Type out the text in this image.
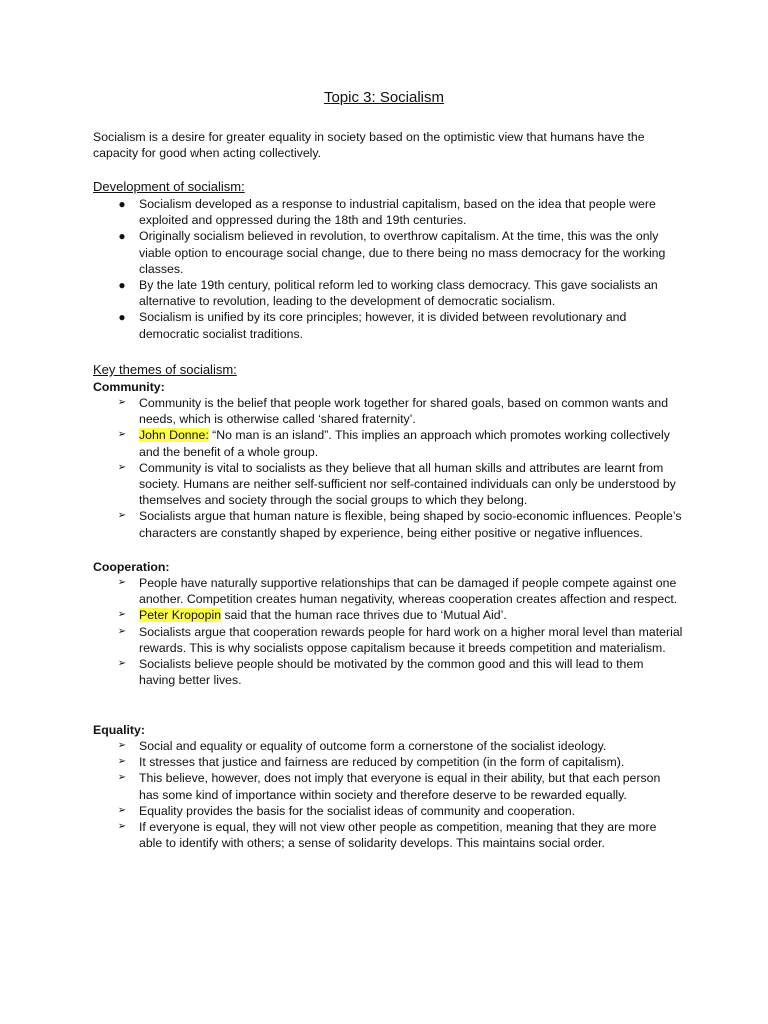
Topic 3: Socialism
Socialism is a desire for greater equality in society based on the optimistic view that humans have the capacity for good when acting collectively.
Development of socialism:
● Socialism developed as a response to industrial capitalism, based on the idea that people were exploited and oppressed during the 18th and 19th centuries.
● Originally socialism believed in revolution, to overthrow capitalism. At the time, this was the only viable option to encourage social change, due to there being no mass democracy for the working classes.
● By the late 19th century, political reform led to working class democracy. This gave socialists an alternative to revolution, leading to the development of democratic socialism.
● Socialism is unified by its core principles; however, it is divided between revolutionary and democratic socialist traditions.
Key themes of socialism:
Community:
➢ Community is the belief that people work together for shared goals, based on common wants and needs, which is otherwise called ‘shared fraternity’.
➢ John Donne: “No man is an island”. This implies an approach which promotes working collectively and the benefit of a whole group.
➢ Community is vital to socialists as they believe that all human skills and attributes are learnt from society. Humans are neither self-sufficient nor self-contained individuals can only be understood by themselves and society through the social groups to which they belong.
➢ Socialists argue that human nature is flexible, being shaped by socio-economic influences. People’s characters are constantly shaped by experience, being either positive or negative influences.
Cooperation:
➢ People have naturally supportive relationships that can be damaged if people compete against one another. Competition creates human negativity, whereas cooperation creates affection and respect.
➢ Peter Kropopin said that the human race thrives due to ‘Mutual Aid’.
➢ Socialists argue that cooperation rewards people for hard work on a higher moral level than material rewards. This is why socialists oppose capitalism because it breeds competition and materialism.
➢ Socialists believe people should be motivated by the common good and this will lead to them having better lives.
Equality:
➢ Social and equality or equality of outcome form a cornerstone of the socialist ideology.
➢ It stresses that justice and fairness are reduced by competition (in the form of capitalism).
➢ This believe, however, does not imply that everyone is equal in their ability, but that each person has some kind of importance within society and therefore deserve to be rewarded equally.
➢ Equality provides the basis for the socialist ideas of community and cooperation.
➢ If everyone is equal, they will not view other people as competition, meaning that they are more able to identify with others; a sense of solidarity develops. This maintains social order.
